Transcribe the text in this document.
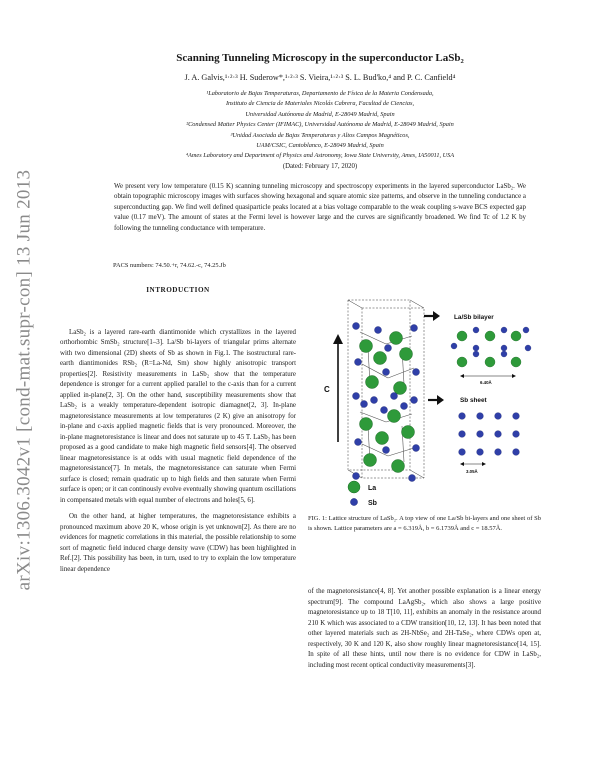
arXiv:1306.3042v1 [cond-mat.supr-con] 13 Jun 2013
Scanning Tunneling Microscopy in the superconductor LaSb₂
J. A. Galvis,¹·²·³ H. Suderow*,¹·²·³ S. Vieira,¹·²·³ S. L. Bud'ko,⁴ and P. C. Canfield⁴
¹Laboratorio de Bajas Temperaturas, Departamento de Física de la Materia Condensada,
Instituto de Ciencia de Materiales Nicolás Cabrera, Facultad de Ciencias,
Universidad Autónoma de Madrid, E-28049 Madrid, Spain
²Condensed Matter Physics Center (IFIMAC), Universidad Autónoma de Madrid, E-28049 Madrid, Spain
³Unidad Asociada de Bajas Temperaturas y Altos Campos Magnéticos,
UAM/CSIC, Cantoblanco, E-28049 Madrid, Spain
⁴Ames Laboratory and Department of Physics and Astronomy, Iowa State University, Ames, IA50011, USA
(Dated: February 17, 2020)
We present very low temperature (0.15 K) scanning tunneling microscopy and spectroscopy experiments in the layered superconductor LaSb₂. We obtain topographic microscopy images with surfaces showing hexagonal and square atomic size patterns, and observe in the tunneling conductance a superconducting gap. We find well defined quasiparticle peaks located at a bias voltage comparable to the weak coupling s-wave BCS expected gap value (0.17 meV). The amount of states at the Fermi level is however large and the curves are significantly broadened. We find Tc of 1.2 K by following the tunneling conductance with temperature.
PACS numbers: 74.50.+r, 74.62.-c, 74.25.Jb
INTRODUCTION

LaSb₂ is a layered rare-earth diantimonide which crystallizes in the layered orthorhombic SmSb₂ structure[1–3]. La/Sb bi-layers of triangular prims alternate with two dimensional (2D) sheets of Sb as shown in Fig.1. The isostructural rare-earth diantimonides RSb₂ (R=La-Nd, Sm) show highly anisotropic transport properties[2]. Resistivity measurements in LaSb₂ show that the temperature dependence is stronger for a current applied parallel to the c-axis than for a current applied in-plane[2, 3]. On the other hand, susceptibility measurements show that LaSb₂ is a weakly temperature-dependent isotropic diamagnet[2, 3]. In-plane magnetoresistance measurements at low temperatures (2 K) give an anisotropy for in-plane and c-axis applied magnetic fields that is very pronounced. Moreover, the in-plane magnetoresistance is linear and does not saturate up to 45 T. LaSb₂ has been proposed as a good candidate to make high magnetic field sensors[4]. The observed linear magnetoresistance is at odds with usual magnetic field dependence of the magnetoresistance[7]. In metals, the magnetoresistance can saturate when Fermi surface is closed; remain quadratic up to high fields and then saturate when Fermi surface is open; or it can continously evolve eventually showing quantum oscillations in compensated metals with equal number of electrons and holes[5, 6].

On the other hand, at higher temperatures, the magnetoresistance exhibits a pronounced maximum above 20 K, whose origin is yet unknown[2]. As there are no evidences for magnetic correlations in this material, the possible relationship to some sort of magnetic field induced charge density wave (CDW) has been highlighted in Ref.[2]. This possibility has been, in turn, used to try to explain the low temperature linear dependence

C
La/Sb bilayer
Sb sheet
6.40Å
3.05Å
La
Sb
FIG. 1: Lattice structure of LaSb₂. A top view of one La/Sb bi-layers and one sheet of Sb is shown. Lattice parameters are a = 6.319Å, b = 6.1739Å and c = 18.57Å.

of the magnetoresistance[4, 8]. Yet another possible explanation is a linear energy spectrum[9]. The compound LaAgSb₂, which also shows a large positive magnetoresistance up to 18 T[10, 11], exhibits an anomaly in the resistance around 210 K which was associated to a CDW transition[10, 12, 13]. It has been noted that other layered materials such as 2H-NbSe₂ and 2H-TaSe₂, where CDWs open at, respectively, 30 K and 120 K, also show roughly linear magnetoresistance[14, 15]. In spite of all these hints, until now there is no evidence for CDW in LaSb₂, including most recent optical conductivity measurements[3].
